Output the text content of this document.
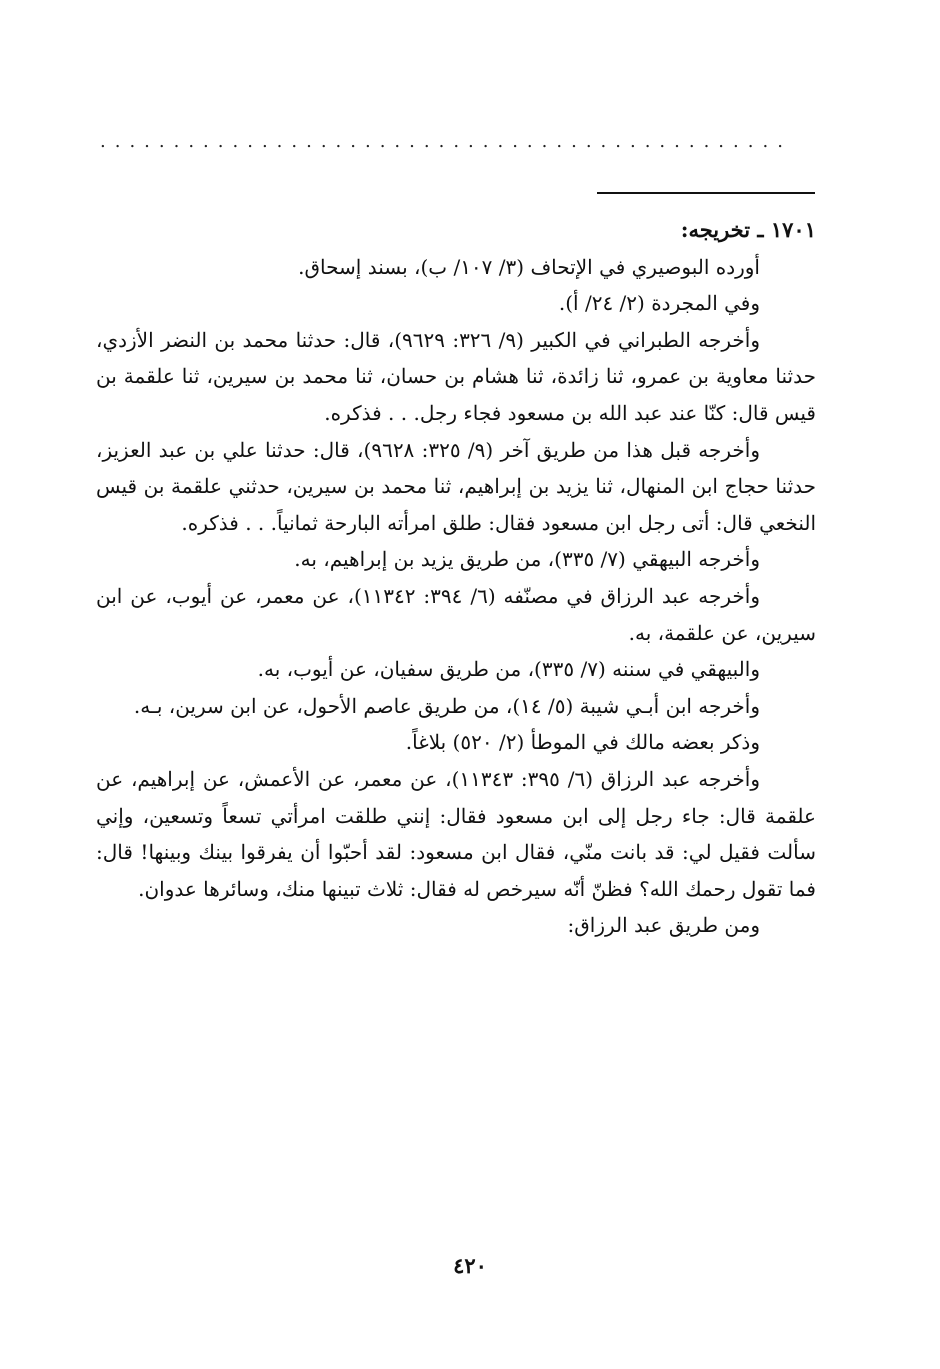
...............................................

١٧٠١ ـ تخريجه:

أورده البوصيري في الإتحاف (٣/ ١٠٧/ ب)، بسند إسحاق.

وفي المجردة (٢/ ٢٤/ أ).

وأخرجه الطبراني في الكبير (٩/ ٣٢٦: ٩٦٢٩)، قال: حدثنا محمد بن النضر الأزدي، حدثنا معاوية بن عمرو، ثنا زائدة، ثنا هشام بن حسان، ثنا محمد بن سيرين، ثنا علقمة بن قيس قال: كنّا عند عبد الله بن مسعود فجاء رجل. . . فذكره.

وأخرجه قبل هذا من طريق آخر (٩/ ٣٢٥: ٩٦٢٨)، قال: حدثنا علي بن عبد العزيز، حدثنا حجاج ابن المنهال، ثنا يزيد بن إبراهيم، ثنا محمد بن سيرين، حدثني علقمة بن قيس النخعي قال: أتى رجل ابن مسعود فقال: طلق امرأته البارحة ثمانياً. . . فذكره.

وأخرجه البيهقي (٧/ ٣٣٥)، من طريق يزيد بن إبراهيم، به.

وأخرجه عبد الرزاق في مصنّفه (٦/ ٣٩٤: ١١٣٤٢)، عن معمر، عن أيوب، عن ابن سيرين، عن علقمة، به.

والبيهقي في سننه (٧/ ٣٣٥)، من طريق سفيان، عن أيوب، به.

وأخرجه ابن أبـي شيبة (٥/ ١٤)، من طريق عاصم الأحول، عن ابن سرين، بـه.

وذكر بعضه مالك في الموطأ (٢/ ٥٢٠) بلاغاً.

وأخرجه عبد الرزاق (٦/ ٣٩٥: ١١٣٤٣)، عن معمر، عن الأعمش، عن إبراهيم، عن علقمة قال: جاء رجل إلى ابن مسعود فقال: إنني طلقت امرأتي تسعاً وتسعين، وإني سألت فقيل لي: قد بانت منّي، فقال ابن مسعود: لقد أحبّوا أن يفرقوا بينك وبينها! قال: فما تقول رحمك الله؟ فظنّ أنّه سيرخص له فقال: ثلاث تبينها منك، وسائرها عدوان.

ومن طريق عبد الرزاق:

٤٢٠
